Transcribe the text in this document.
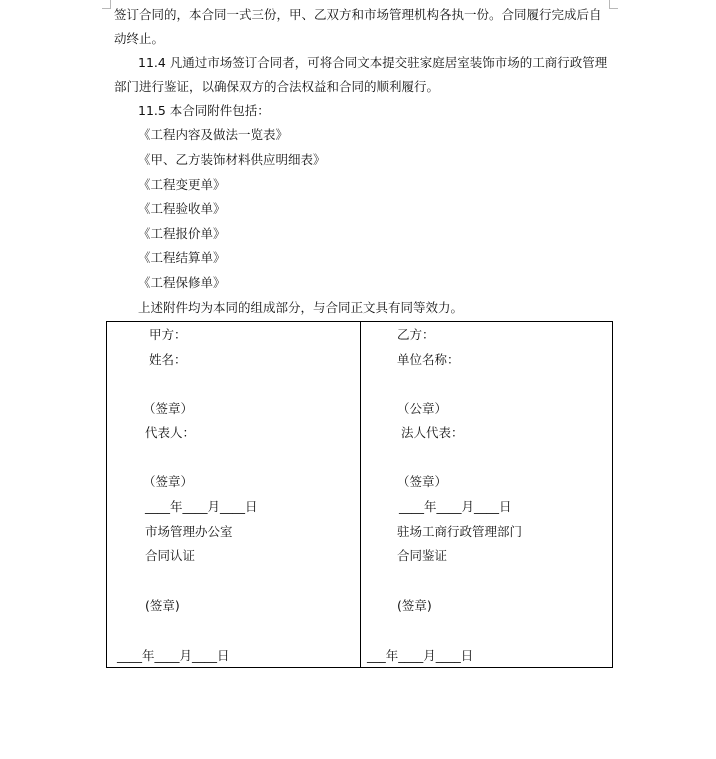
签订合同的，本合同一式三份，甲、乙双方和市场管理机构各执一份。合同履行完成后自
动终止。
11.4 凡通过市场签订合同者，可将合同文本提交驻家庭居室装饰市场的工商行政管理
部门进行鉴证，以确保双方的合法权益和合同的顺利履行。
11.5 本合同附件包括：
《工程内容及做法一览表》
《甲、乙方装饰材料供应明细表》
《工程变更单》
《工程验收单》
《工程报价单》
《工程结算单》
《工程保修单》
上述附件均为本同的组成部分，与合同正文具有同等效力。
甲方：
姓名：
（签章）
代表人：
（签章）
____年____月____日
市场管理办公室
合同认证
(签章)
____年____月____日
乙方：
单位名称：
（公章）
法人代表：
（签章）
____年____月____日
驻场工商行政管理部门
合同鉴证
(签章)
___年____月____日
